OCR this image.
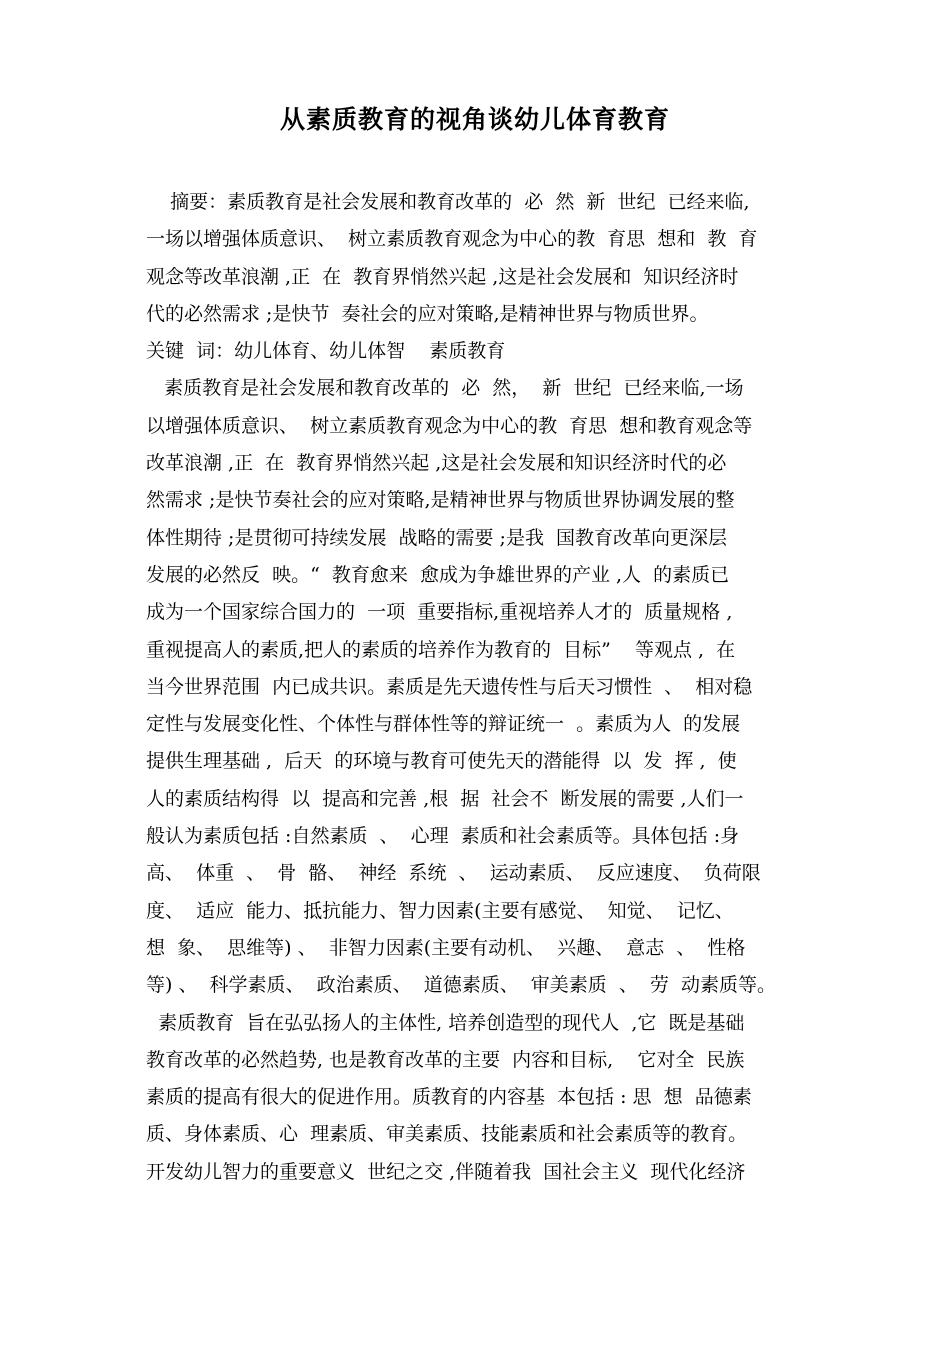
从素质教育的视角谈幼儿体育教育
摘要：素质教育是社会发展和教育改革的  必  然  新  世纪  已经来临,
一场以增强体质意识、  树立素质教育观念为中心的教  育思  想和  教  育
观念等改革浪潮 ,正  在  教育界悄然兴起 ,这是社会发展和  知识经济时
代的必然需求 ;是快节  奏社会的应对策略,是精神世界与物质世界。
关键  词：幼儿体育、幼儿体智    素质教育
素质教育是社会发展和教育改革的  必  然，  新  世纪  已经来临,一场
以增强体质意识、  树立素质教育观念为中心的教  育思  想和教育观念等
改革浪潮 ,正  在  教育界悄然兴起 ,这是社会发展和知识经济时代的必
然需求 ;是快节奏社会的应对策略,是精神世界与物质世界协调发展的整
体性期待 ;是贯彻可持续发展  战略的需要 ;是我  国教育改革向更深层
发展的必然反  映。“  教育愈来  愈成为争雄世界的产业 ,人  的素质已
成为一个国家综合国力的  一项  重要指标,重视培养人才的  质量规格 ,
重视提高人的素质,把人的素质的培养作为教育的  目标”    等观点 ,  在
当今世界范围  内已成共识。素质是先天遗传性与后天习惯性  、  相对稳
定性与发展变化性、个体性与群体性等的辩证统一  。素质为人  的发展
提供生理基础 ,  后天  的环境与教育可使先天的潜能得  以  发  挥 ,  使
人的素质结构得  以  提高和完善 ,根  据  社会不  断发展的需要 ,人们一
般认为素质包括 :自然素质  、  心理  素质和社会素质等。具体包括 :身
高、  体重  、  骨  骼、  神经  系统  、  运动素质、  反应速度、  负荷限
度、  适应  能力、抵抗能力、智力因素(主要有感觉、  知觉、  记忆、
想  象、  思维等) 、  非智力因素(主要有动机、  兴趣、  意志  、  性格
等) 、  科学素质、  政治素质、  道德素质、  审美素质  、  劳  动素质等。
素质教育  旨在弘弘扬人的主体性, 培养创造型的现代人  ,它  既是基础
教育改革的必然趋势, 也是教育改革的主要  内容和目标,    它对全  民族
素质的提高有很大的促进作用。质教育的内容基  本包括 : 思  想  品德素
质、身体素质、心  理素质、审美素质、技能素质和社会素质等的教育。
开发幼儿智力的重要意义  世纪之交 ,伴随着我  国社会主义  现代化经济
